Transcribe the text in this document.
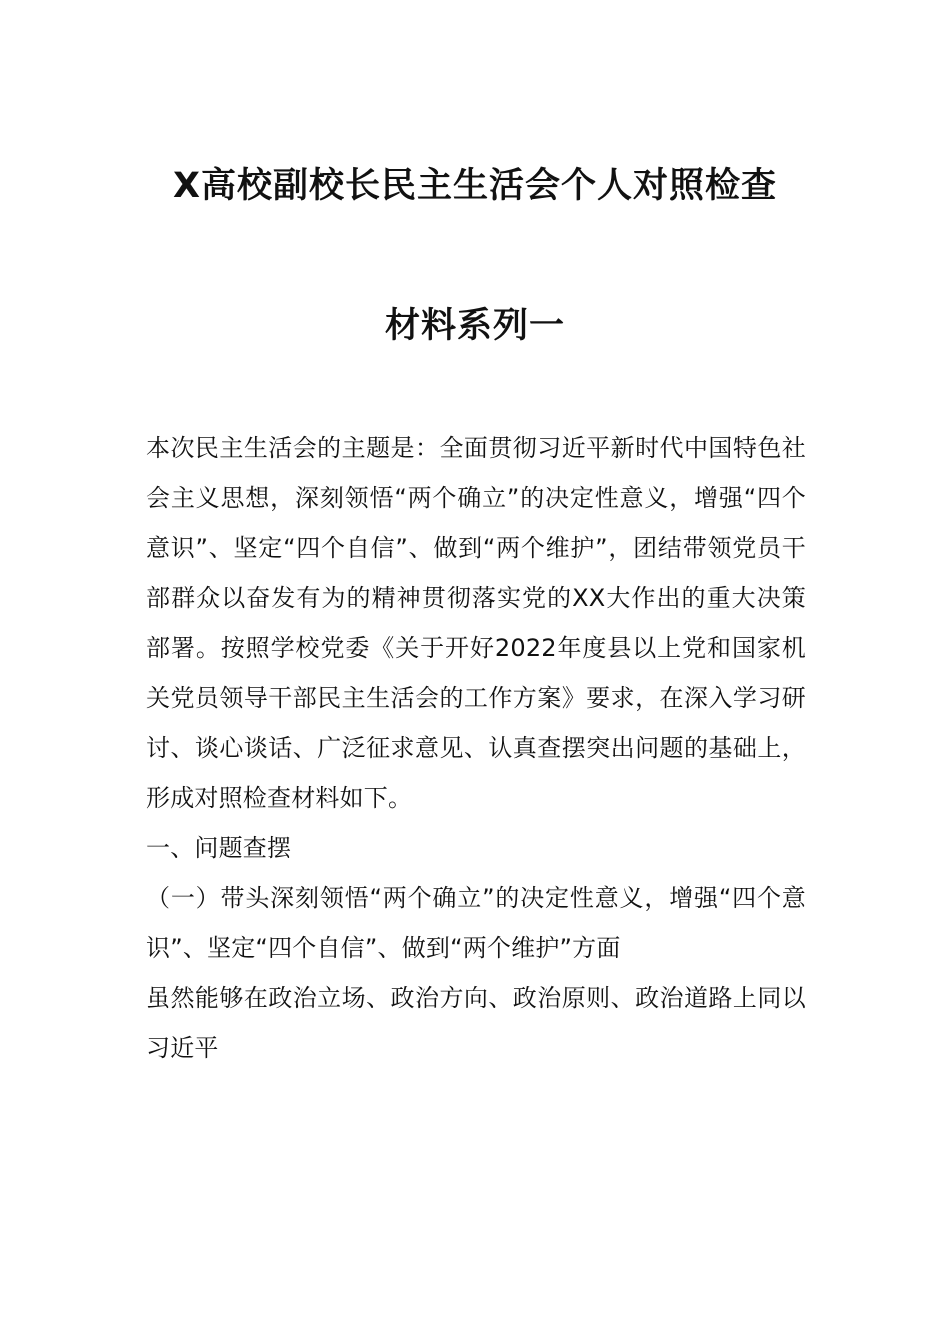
X高校副校长民主生活会个人对照检查
材料系列一

本次民主生活会的主题是：全面贯彻习近平新时代中国特色社会主义思想，深刻领悟“两个确立”的决定性意义，增强“四个意识”、坚定“四个自信”、做到“两个维护”，团结带领党员干部群众以奋发有为的精神贯彻落实党的XX大作出的重大决策部署。按照学校党委《关于开好2022年度县以上党和国家机关党员领导干部民主生活会的工作方案》要求，在深入学习研讨、谈心谈话、广泛征求意见、认真查摆突出问题的基础上，形成对照检查材料如下。

一、问题查摆

（一）带头深刻领悟“两个确立”的决定性意义，增强“四个意识”、坚定“四个自信”、做到“两个维护”方面

虽然能够在政治立场、政治方向、政治原则、政治道路上同以习近平
